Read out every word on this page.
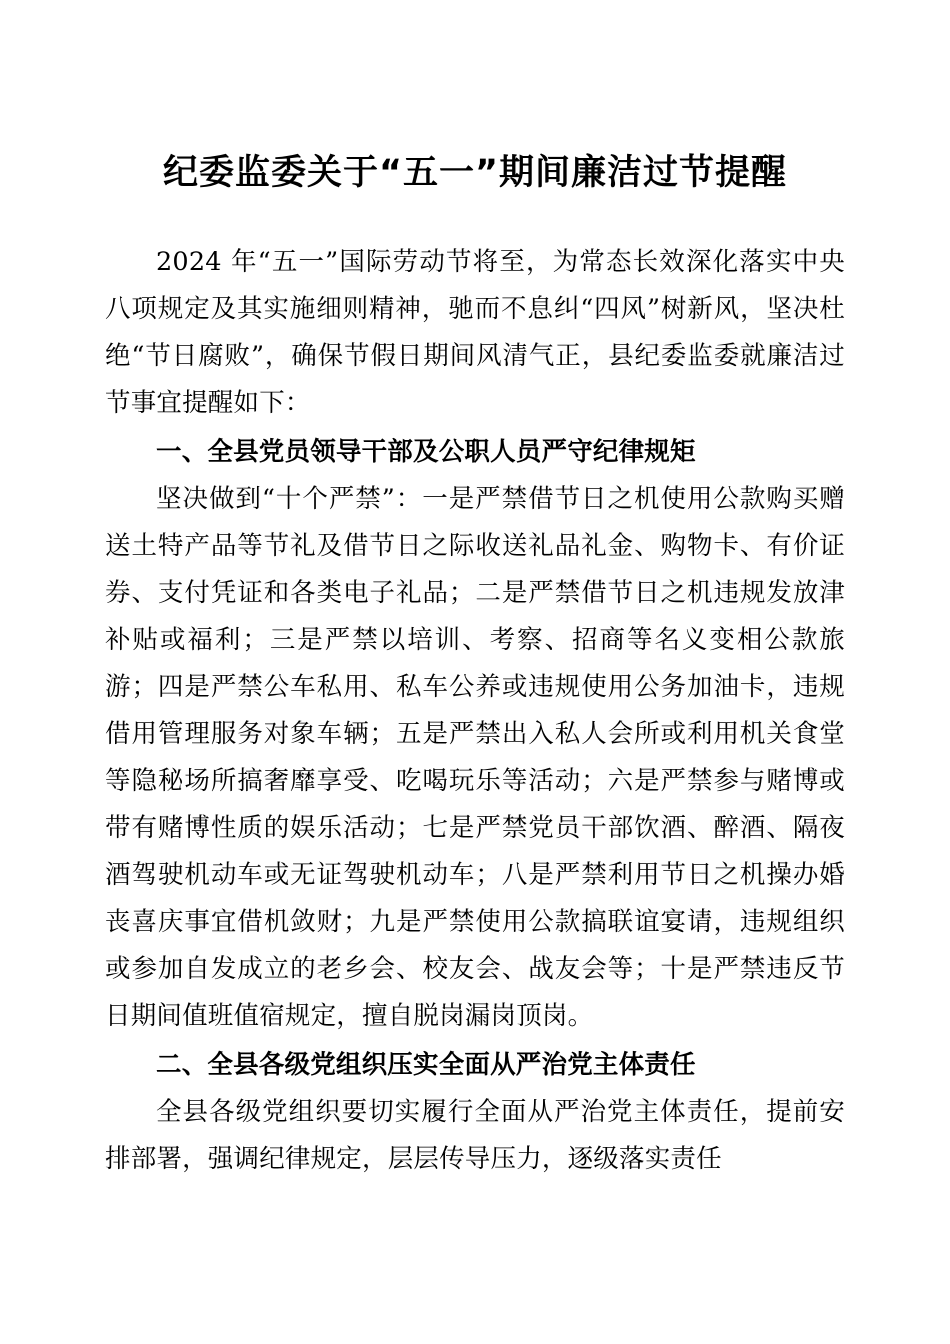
纪委监委关于“五一”期间廉洁过节提醒

2024 年“五一”国际劳动节将至，为常态长效深化落实中央八项规定及其实施细则精神，驰而不息纠“四风”树新风，坚决杜绝“节日腐败”，确保节假日期间风清气正，县纪委监委就廉洁过节事宜提醒如下：

一、全县党员领导干部及公职人员严守纪律规矩

坚决做到“十个严禁”：一是严禁借节日之机使用公款购买赠送土特产品等节礼及借节日之际收送礼品礼金、购物卡、有价证券、支付凭证和各类电子礼品；二是严禁借节日之机违规发放津补贴或福利；三是严禁以培训、考察、招商等名义变相公款旅游；四是严禁公车私用、私车公养或违规使用公务加油卡，违规借用管理服务对象车辆；五是严禁出入私人会所或利用机关食堂等隐秘场所搞奢靡享受、吃喝玩乐等活动；六是严禁参与赌博或带有赌博性质的娱乐活动；七是严禁党员干部饮酒、醉酒、隔夜酒驾驶机动车或无证驾驶机动车；八是严禁利用节日之机操办婚丧喜庆事宜借机敛财；九是严禁使用公款搞联谊宴请，违规组织或参加自发成立的老乡会、校友会、战友会等；十是严禁违反节日期间值班值宿规定，擅自脱岗漏岗顶岗。

二、全县各级党组织压实全面从严治党主体责任

全县各级党组织要切实履行全面从严治党主体责任，提前安排部署，强调纪律规定，层层传导压力，逐级落实责任
